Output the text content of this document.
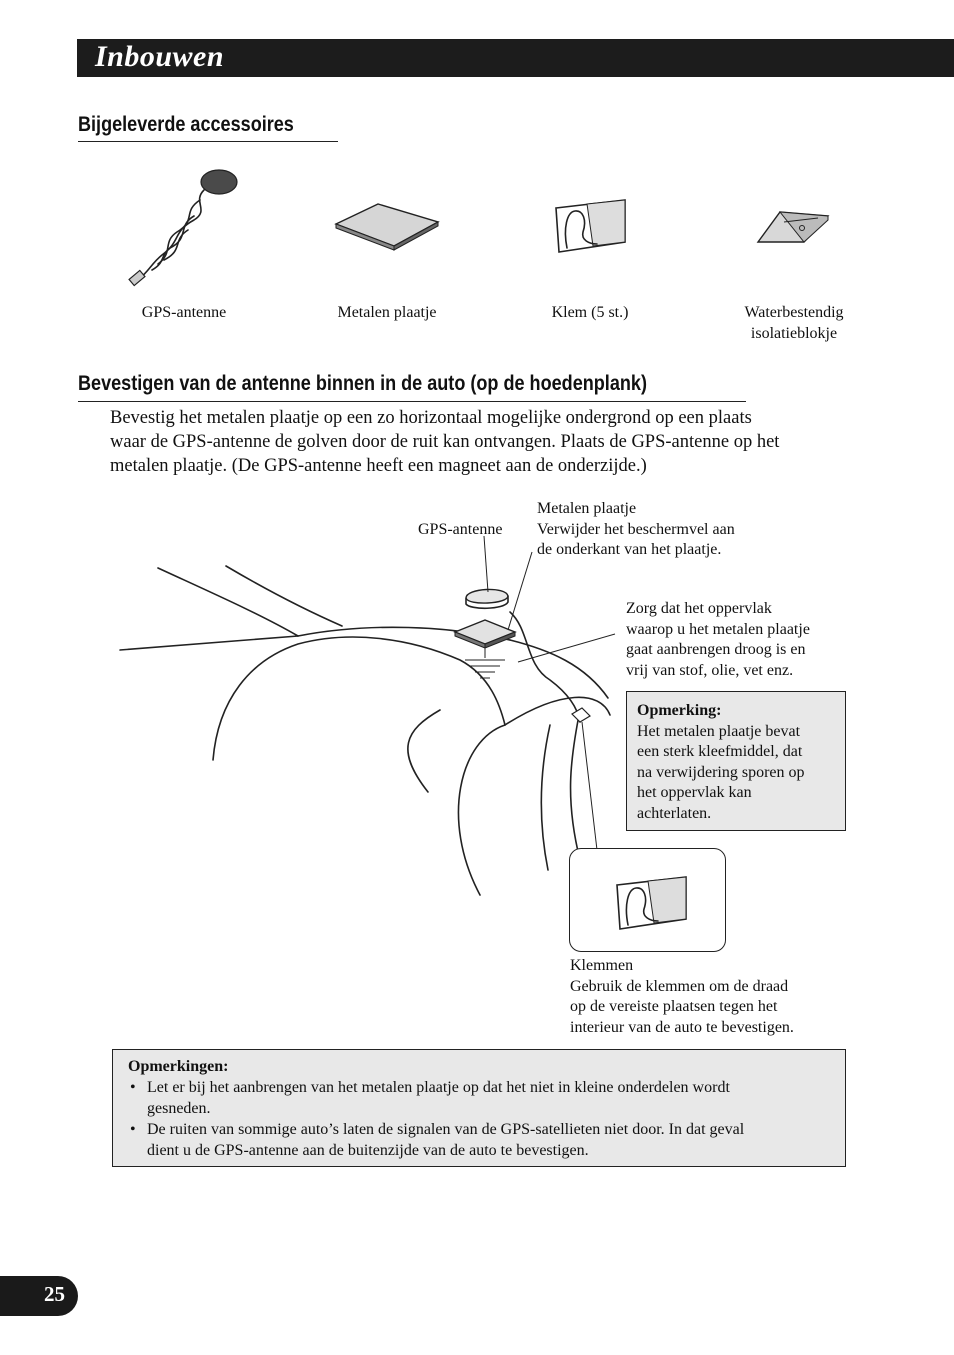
Inbouwen
Bijgeleverde accessoires
GPS-antenne	Metalen plaatje	Klem (5 st.)	Waterbestendig
isolatieblokje
Bevestigen van de antenne binnen in de auto (op de hoedenplank)
Bevestig het metalen plaatje op een zo horizontaal mogelijke ondergrond op een plaats
waar de GPS-antenne de golven door de ruit kan ontvangen. Plaats de GPS-antenne op het
metalen plaatje. (De GPS-antenne heeft een magneet aan de onderzijde.)
GPS-antenne
Metalen plaatje
Verwijder het beschermvel aan
de onderkant van het plaatje.
Zorg dat het oppervlak
waarop u het metalen plaatje
gaat aanbrengen droog is en
vrij van stof, olie, vet enz.
Opmerking:
Het metalen plaatje bevat
een sterk kleefmiddel, dat
na verwijdering sporen op
het oppervlak kan
achterlaten.
Klemmen
Gebruik de klemmen om de draad
op de vereiste plaatsen tegen het
interieur van de auto te bevestigen.
Opmerkingen:
• Let er bij het aanbrengen van het metalen plaatje op dat het niet in kleine onderdelen wordt
gesneden.
• De ruiten van sommige auto’s laten de signalen van de GPS-satellieten niet door. In dat geval
dient u de GPS-antenne aan de buitenzijde van de auto te bevestigen.
25
